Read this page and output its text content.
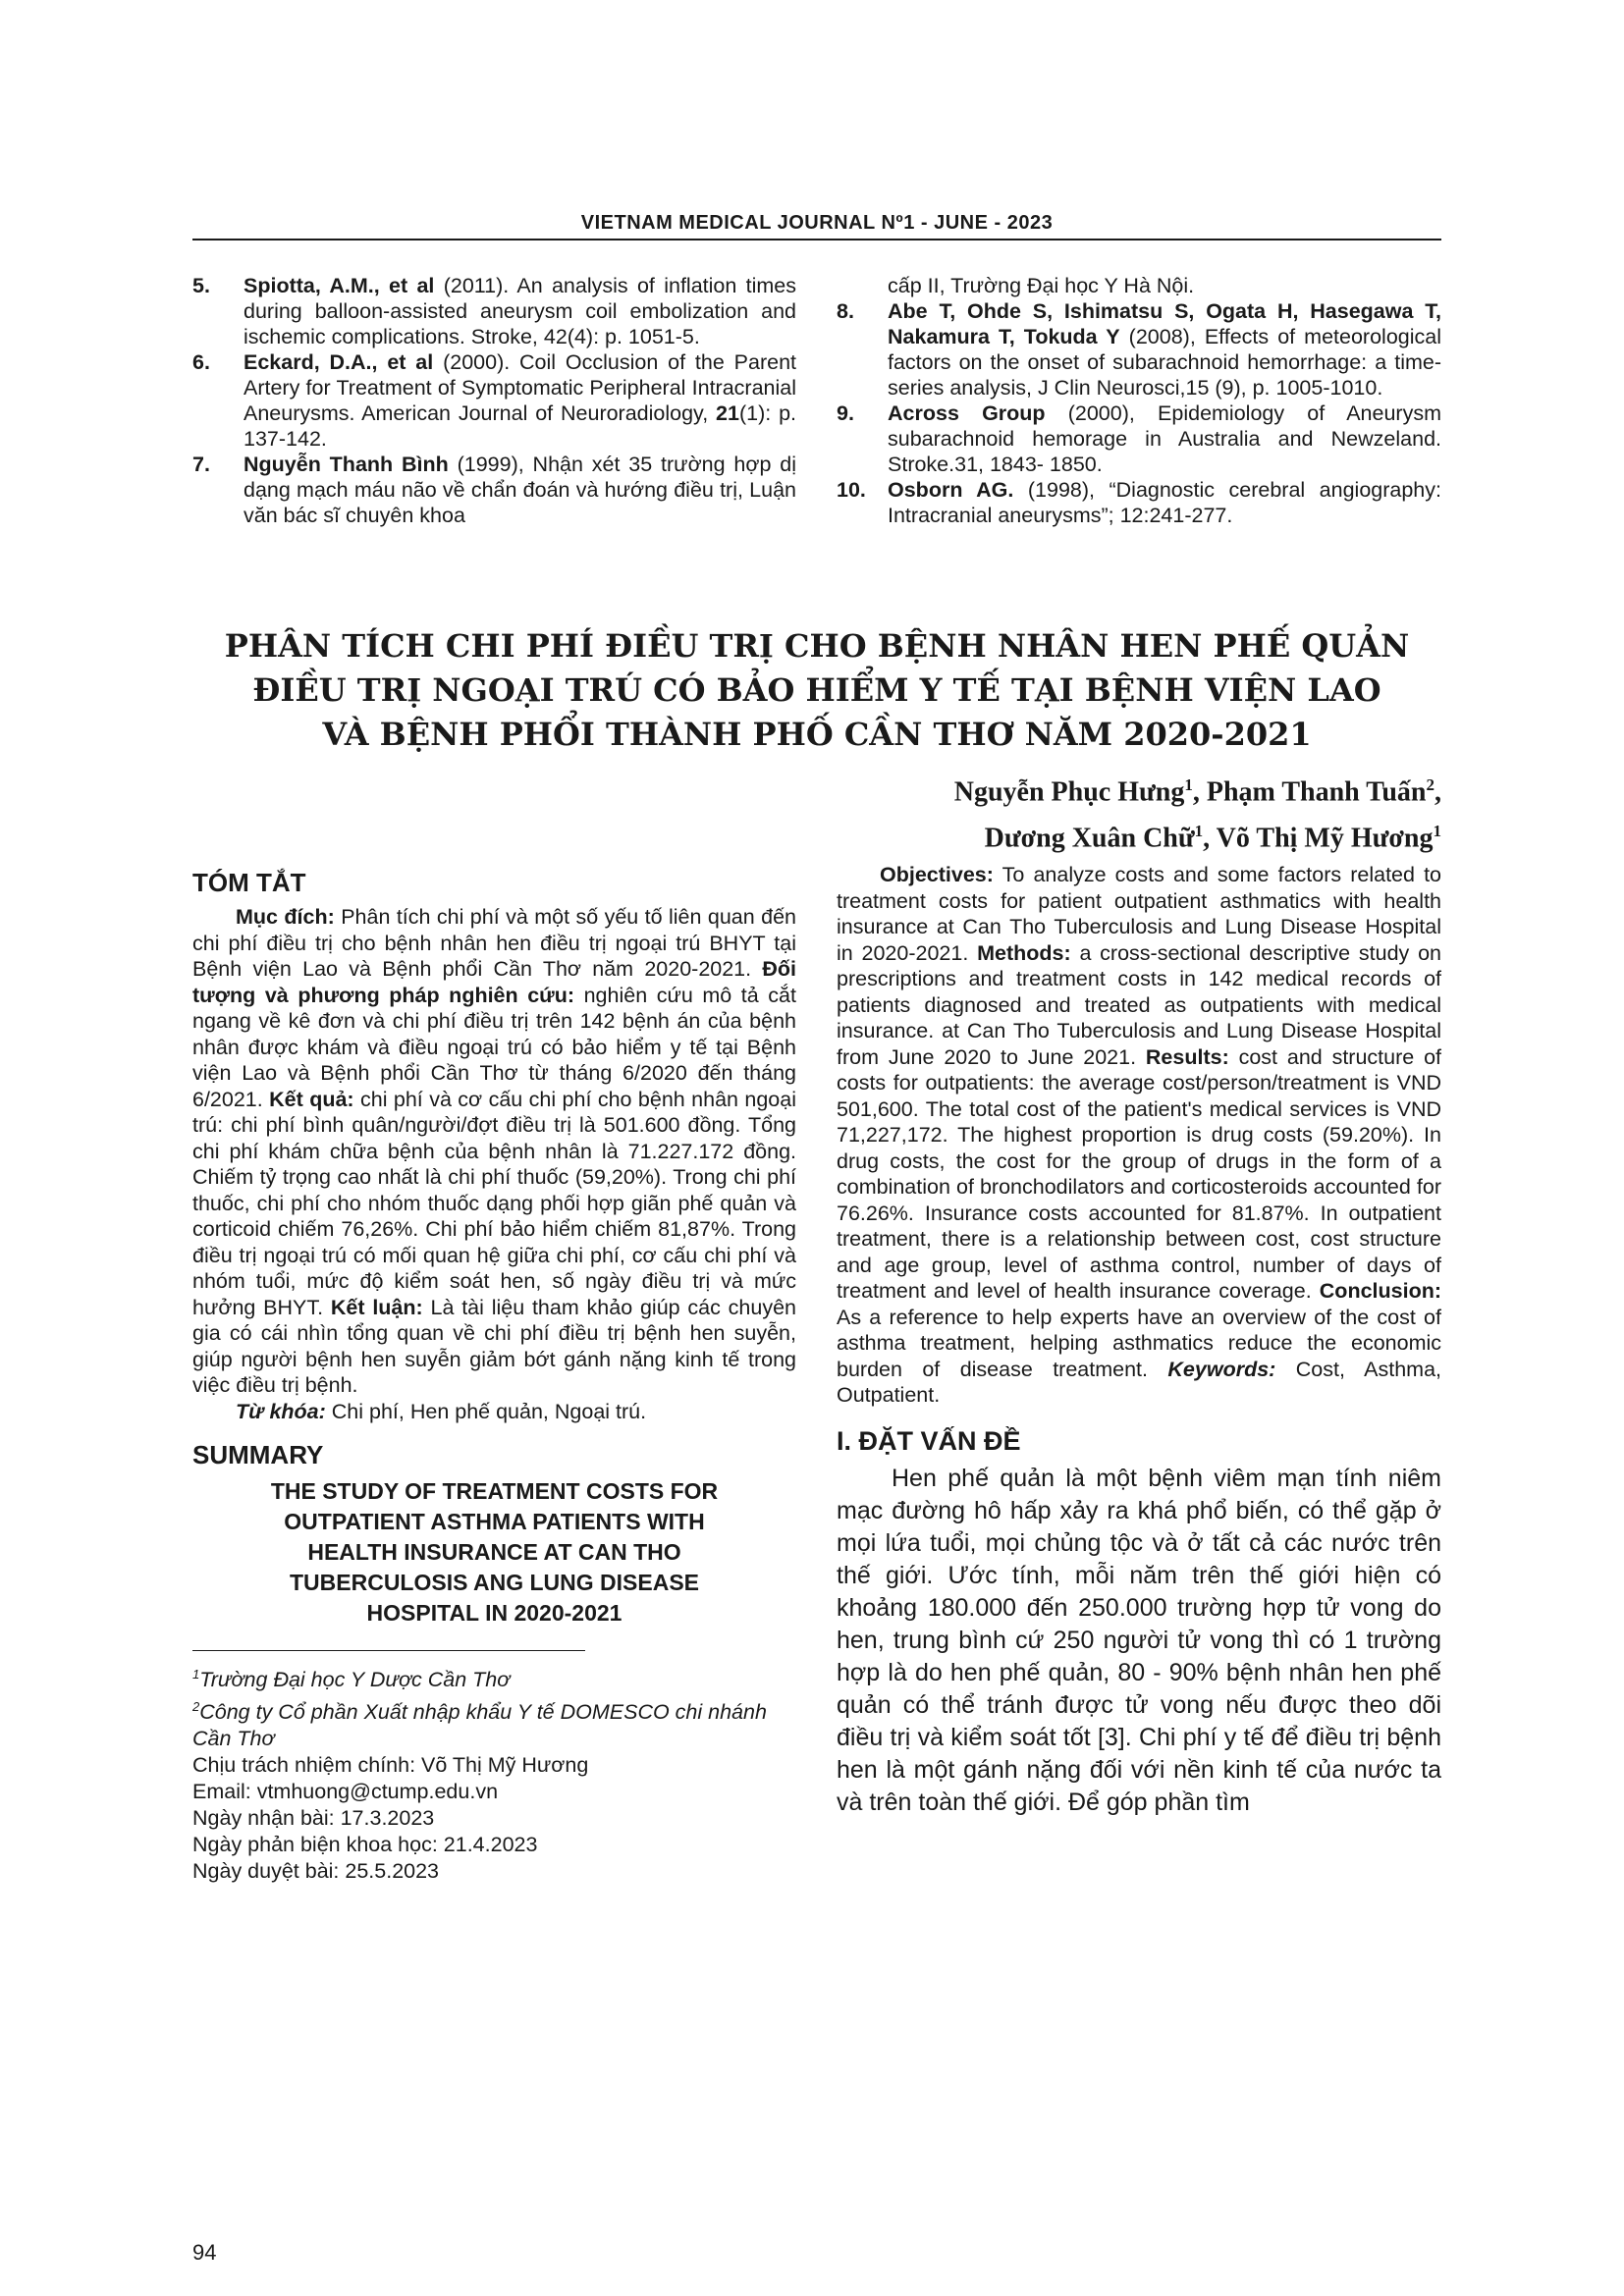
VIETNAM MEDICAL JOURNAL Nº1 - JUNE - 2023
5.	Spiotta, A.M., et al (2011). An analysis of inflation times during balloon-assisted aneurysm coil embolization and ischemic complications. Stroke, 42(4): p. 1051-5.
6.	Eckard, D.A., et al (2000). Coil Occlusion of the Parent Artery for Treatment of Symptomatic Peripheral Intracranial Aneurysms. American Journal of Neuroradiology, 21(1): p. 137-142.
7.	Nguyễn Thanh Bình (1999), Nhận xét 35 trường hợp dị dạng mạch máu não về chẩn đoán và hướng điều trị, Luận văn bác sĩ chuyên khoa
cấp II, Trường Đại học Y Hà Nội.
8.	Abe T, Ohde S, Ishimatsu S, Ogata H, Hasegawa T, Nakamura T, Tokuda Y (2008), Effects of meteorological factors on the onset of subarachnoid hemorrhage: a time-series analysis, J Clin Neurosci,15 (9), p. 1005-1010.
9.	Across Group (2000), Epidemiology of Aneurysm subarachnoid hemorage in Australia and Newzeland. Stroke.31, 1843- 1850.
10.	Osborn AG. (1998), “Diagnostic cerebral angiography: Intracranial aneurysms”; 12:241-277.
PHÂN TÍCH CHI PHÍ ĐIỀU TRỊ CHO BỆNH NHÂN HEN PHẾ QUẢN
ĐIỀU TRỊ NGOẠI TRÚ CÓ BẢO HIỂM Y TẾ TẠI BỆNH VIỆN LAO
VÀ BỆNH PHỔI THÀNH PHỐ CẦN THƠ NĂM 2020-2021
Nguyễn Phục Hưng$^1$, Phạm Thanh Tuấn$^2$,
Dương Xuân Chữ$^1$, Võ Thị Mỹ Hương$^1$
TÓM TẮT

Mục đích: Phân tích chi phí và một số yếu tố liên quan đến chi phí điều trị cho bệnh nhân hen điều trị ngoại trú BHYT tại Bệnh viện Lao và Bệnh phổi Cần Thơ năm 2020-2021. Đối tượng và phương pháp nghiên cứu: nghiên cứu mô tả cắt ngang về kê đơn và chi phí điều trị trên 142 bệnh án của bệnh nhân được khám và điều ngoại trú có bảo hiểm y tế tại Bệnh viện Lao và Bệnh phổi Cần Thơ từ tháng 6/2020 đến tháng 6/2021. Kết quả: chi phí và cơ cấu chi phí cho bệnh nhân ngoại trú: chi phí bình quân/người/đợt điều trị là 501.600 đồng. Tổng chi phí khám chữa bệnh của bệnh nhân là 71.227.172 đồng. Chiếm tỷ trọng cao nhất là chi phí thuốc (59,20%). Trong chi phí thuốc, chi phí cho nhóm thuốc dạng phối hợp giãn phế quản và corticoid chiếm 76,26%. Chi phí bảo hiểm chiếm 81,87%. Trong điều trị ngoại trú có mối quan hệ giữa chi phí, cơ cấu chi phí và nhóm tuổi, mức độ kiểm soát hen, số ngày điều trị và mức hưởng BHYT. Kết luận: Là tài liệu tham khảo giúp các chuyên gia có cái nhìn tổng quan về chi phí điều trị bệnh hen suyễn, giúp người bệnh hen suyễn giảm bớt gánh nặng kinh tế trong việc điều trị bệnh.

Từ khóa: Chi phí, Hen phế quản, Ngoại trú.

SUMMARY
THE STUDY OF TREATMENT COSTS FOR
OUTPATIENT ASTHMA PATIENTS WITH
HEALTH INSURANCE AT CAN THO
TUBERCULOSIS ANG LUNG DISEASE
HOSPITAL IN 2020-2021
$^1$Trường Đại học Y Dược Cần Thơ
$^2$Công ty Cổ phần Xuất nhập khẩu Y tế DOMESCO chi nhánh Cần Thơ
Chịu trách nhiệm chính: Võ Thị Mỹ Hương
Email: vtmhuong@ctump.edu.vn
Ngày nhận bài: 17.3.2023
Ngày phản biện khoa học: 21.4.2023
Ngày duyệt bài: 25.5.2023

Objectives: To analyze costs and some factors related to treatment costs for patient outpatient asthmatics with health insurance at Can Tho Tuberculosis and Lung Disease Hospital in 2020-2021. Methods: a cross-sectional descriptive study on prescriptions and treatment costs in 142 medical records of patients diagnosed and treated as outpatients with medical insurance. at Can Tho Tuberculosis and Lung Disease Hospital from June 2020 to June 2021. Results: cost and structure of costs for outpatients: the average cost/person/treatment is VND 501,600. The total cost of the patient's medical services is VND 71,227,172. The highest proportion is drug costs (59.20%). In drug costs, the cost for the group of drugs in the form of a combination of bronchodilators and corticosteroids accounted for 76.26%. Insurance costs accounted for 81.87%. In outpatient treatment, there is a relationship between cost, cost structure and age group, level of asthma control, number of days of treatment and level of health insurance coverage. Conclusion: As a reference to help experts have an overview of the cost of asthma treatment, helping asthmatics reduce the economic burden of disease treatment. Keywords: Cost, Asthma, Outpatient.

I. ĐẶT VẤN ĐỀ

Hen phế quản là một bệnh viêm mạn tính niêm mạc đường hô hấp xảy ra khá phổ biến, có thể gặp ở mọi lứa tuổi, mọi chủng tộc và ở tất cả các nước trên thế giới. Ước tính, mỗi năm trên thế giới hiện có khoảng 180.000 đến 250.000 trường hợp tử vong do hen, trung bình cứ 250 người tử vong thì có 1 trường hợp là do hen phế quản, 80 - 90% bệnh nhân hen phế quản có thể tránh được tử vong nếu được theo dõi điều trị và kiểm soát tốt [3]. Chi phí y tế để điều trị bệnh hen là một gánh nặng đối với nền kinh tế của nước ta và trên toàn thế giới. Để góp phần tìm

94
